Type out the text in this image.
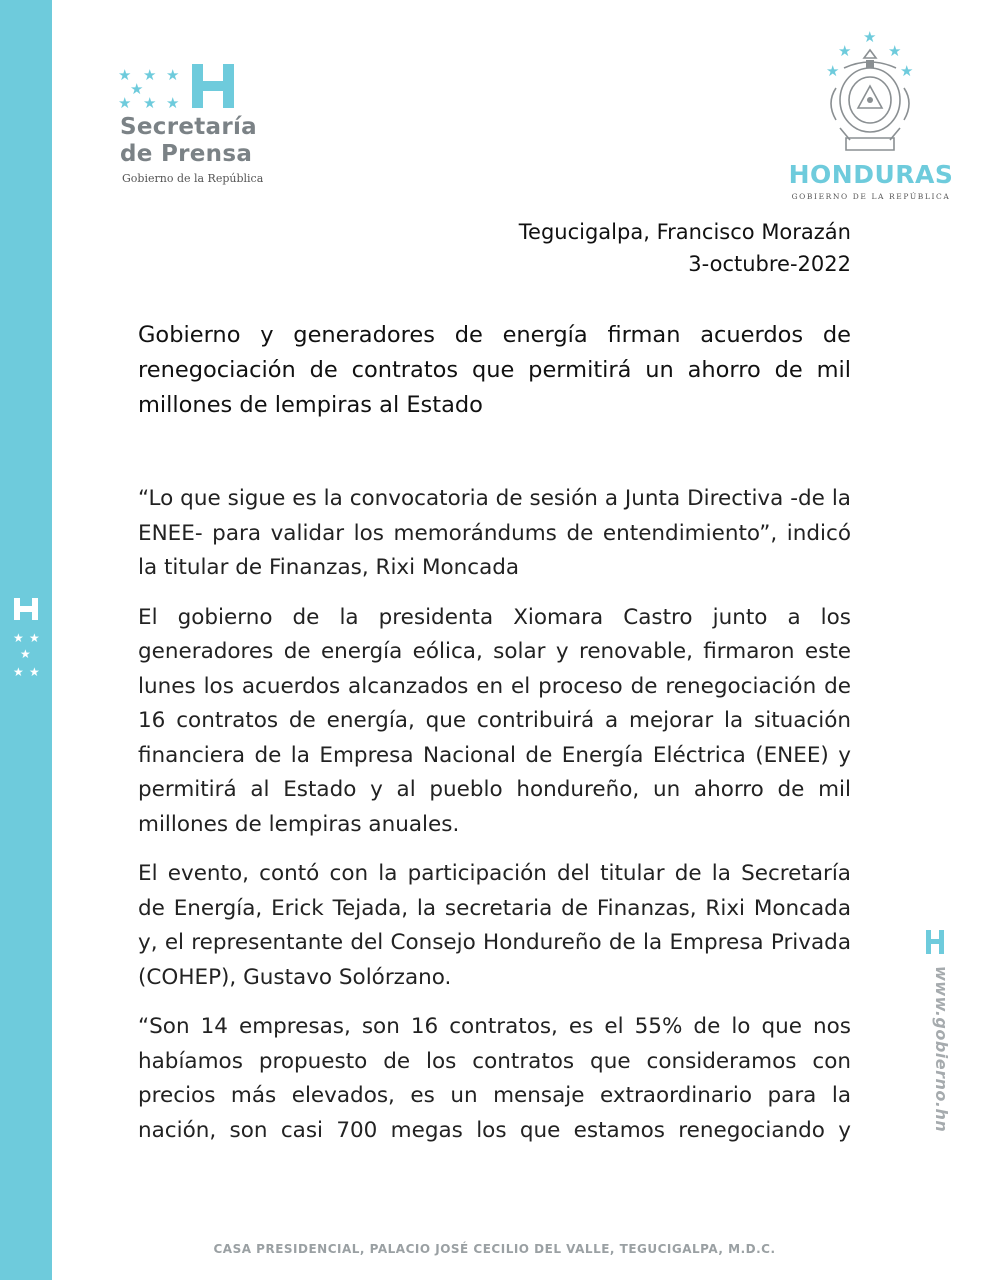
★ ★
★
★ ★
★ ★ ★
★
★ ★ ★
Secretaría
de Prensa
Gobierno de la República
★
★ ★
★	★
HONDURAS
GOBIERNO DE LA REPÚBLICA
Tegucigalpa, Francisco Morazán
3-octubre-2022
Gobierno y generadores de energía firman acuerdos de renegociación de contratos que permitirá un ahorro de mil millones de lempiras al Estado

“Lo que sigue es la convocatoria de sesión a Junta Directiva -de la ENEE- para validar los memorándums de entendimiento”, indicó la titular de Finanzas, Rixi Moncada

El gobierno de la presidenta Xiomara Castro junto a los generadores de energía eólica, solar y renovable, firmaron este lunes los acuerdos alcanzados en el proceso de renegociación de 16 contratos de energía, que contribuirá a mejorar la situación financiera de la Empresa Nacional de Energía Eléctrica (ENEE) y permitirá al Estado y al pueblo hondureño, un ahorro de mil millones de lempiras anuales.

El evento, contó con la participación del titular de la Secretaría de Energía, Erick Tejada, la secretaria de Finanzas, Rixi Moncada y, el representante del Consejo Hondureño de la Empresa Privada (COHEP), Gustavo Solórzano.

“Son 14 empresas, son 16 contratos, es el 55% de lo que nos habíamos propuesto de los contratos que consideramos con precios más elevados, es un mensaje extraordinario para la nación, son casi 700 megas los que estamos renegociando y	www.gobierno.hn
CASA PRESIDENCIAL, PALACIO JOSÉ CECILIO DEL VALLE, TEGUCIGALPA, M.D.C.
